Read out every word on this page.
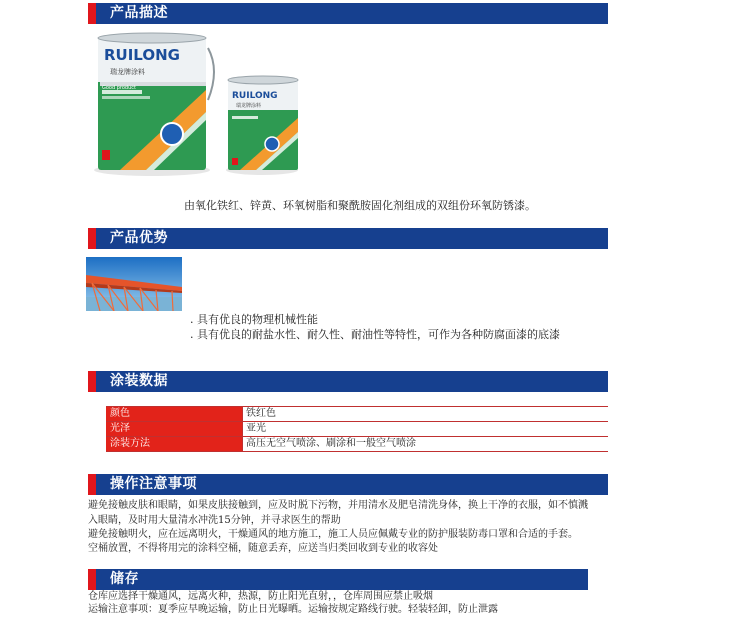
产品描述
RUILONG
瑞龙牌涂料
Good product
RUILONG
瑞龙牌涂料
由氧化铁红、锌黄、环氧树脂和聚酰胺固化剂组成的双组份环氧防锈漆。
产品优势
. 具有优良的物理机械性能
. 具有优良的耐盐水性、耐久性、耐油性等特性，可作为各种防腐面漆的底漆
涂装数据
颜色	铁红色
光泽	亚光
涂装方法	高压无空气喷涂、刷涂和一般空气喷涂
操作注意事项
避免接触皮肤和眼睛，如果皮肤接触到，应及时脱下污物，并用清水及肥皂清洗身体，换上干净的衣服，如不慎溅
入眼睛，及时用大量清水冲洗15分钟，并寻求医生的帮助
避免接触明火，应在远离明火，干燥通风的地方施工，施工人员应佩戴专业的防护服装防毒口罩和合适的手套。
空桶放置，不得将用完的涂料空桶，随意丢弃，应送当归类回收到专业的收容处
储存
仓库应选择干燥通风，远离火种，热源，防止阳光直射，，仓库周围应禁止吸烟
运输注意事项：夏季应早晚运输，防止日光曝晒。运输按规定路线行驶。轻装轻卸，防止泄露
